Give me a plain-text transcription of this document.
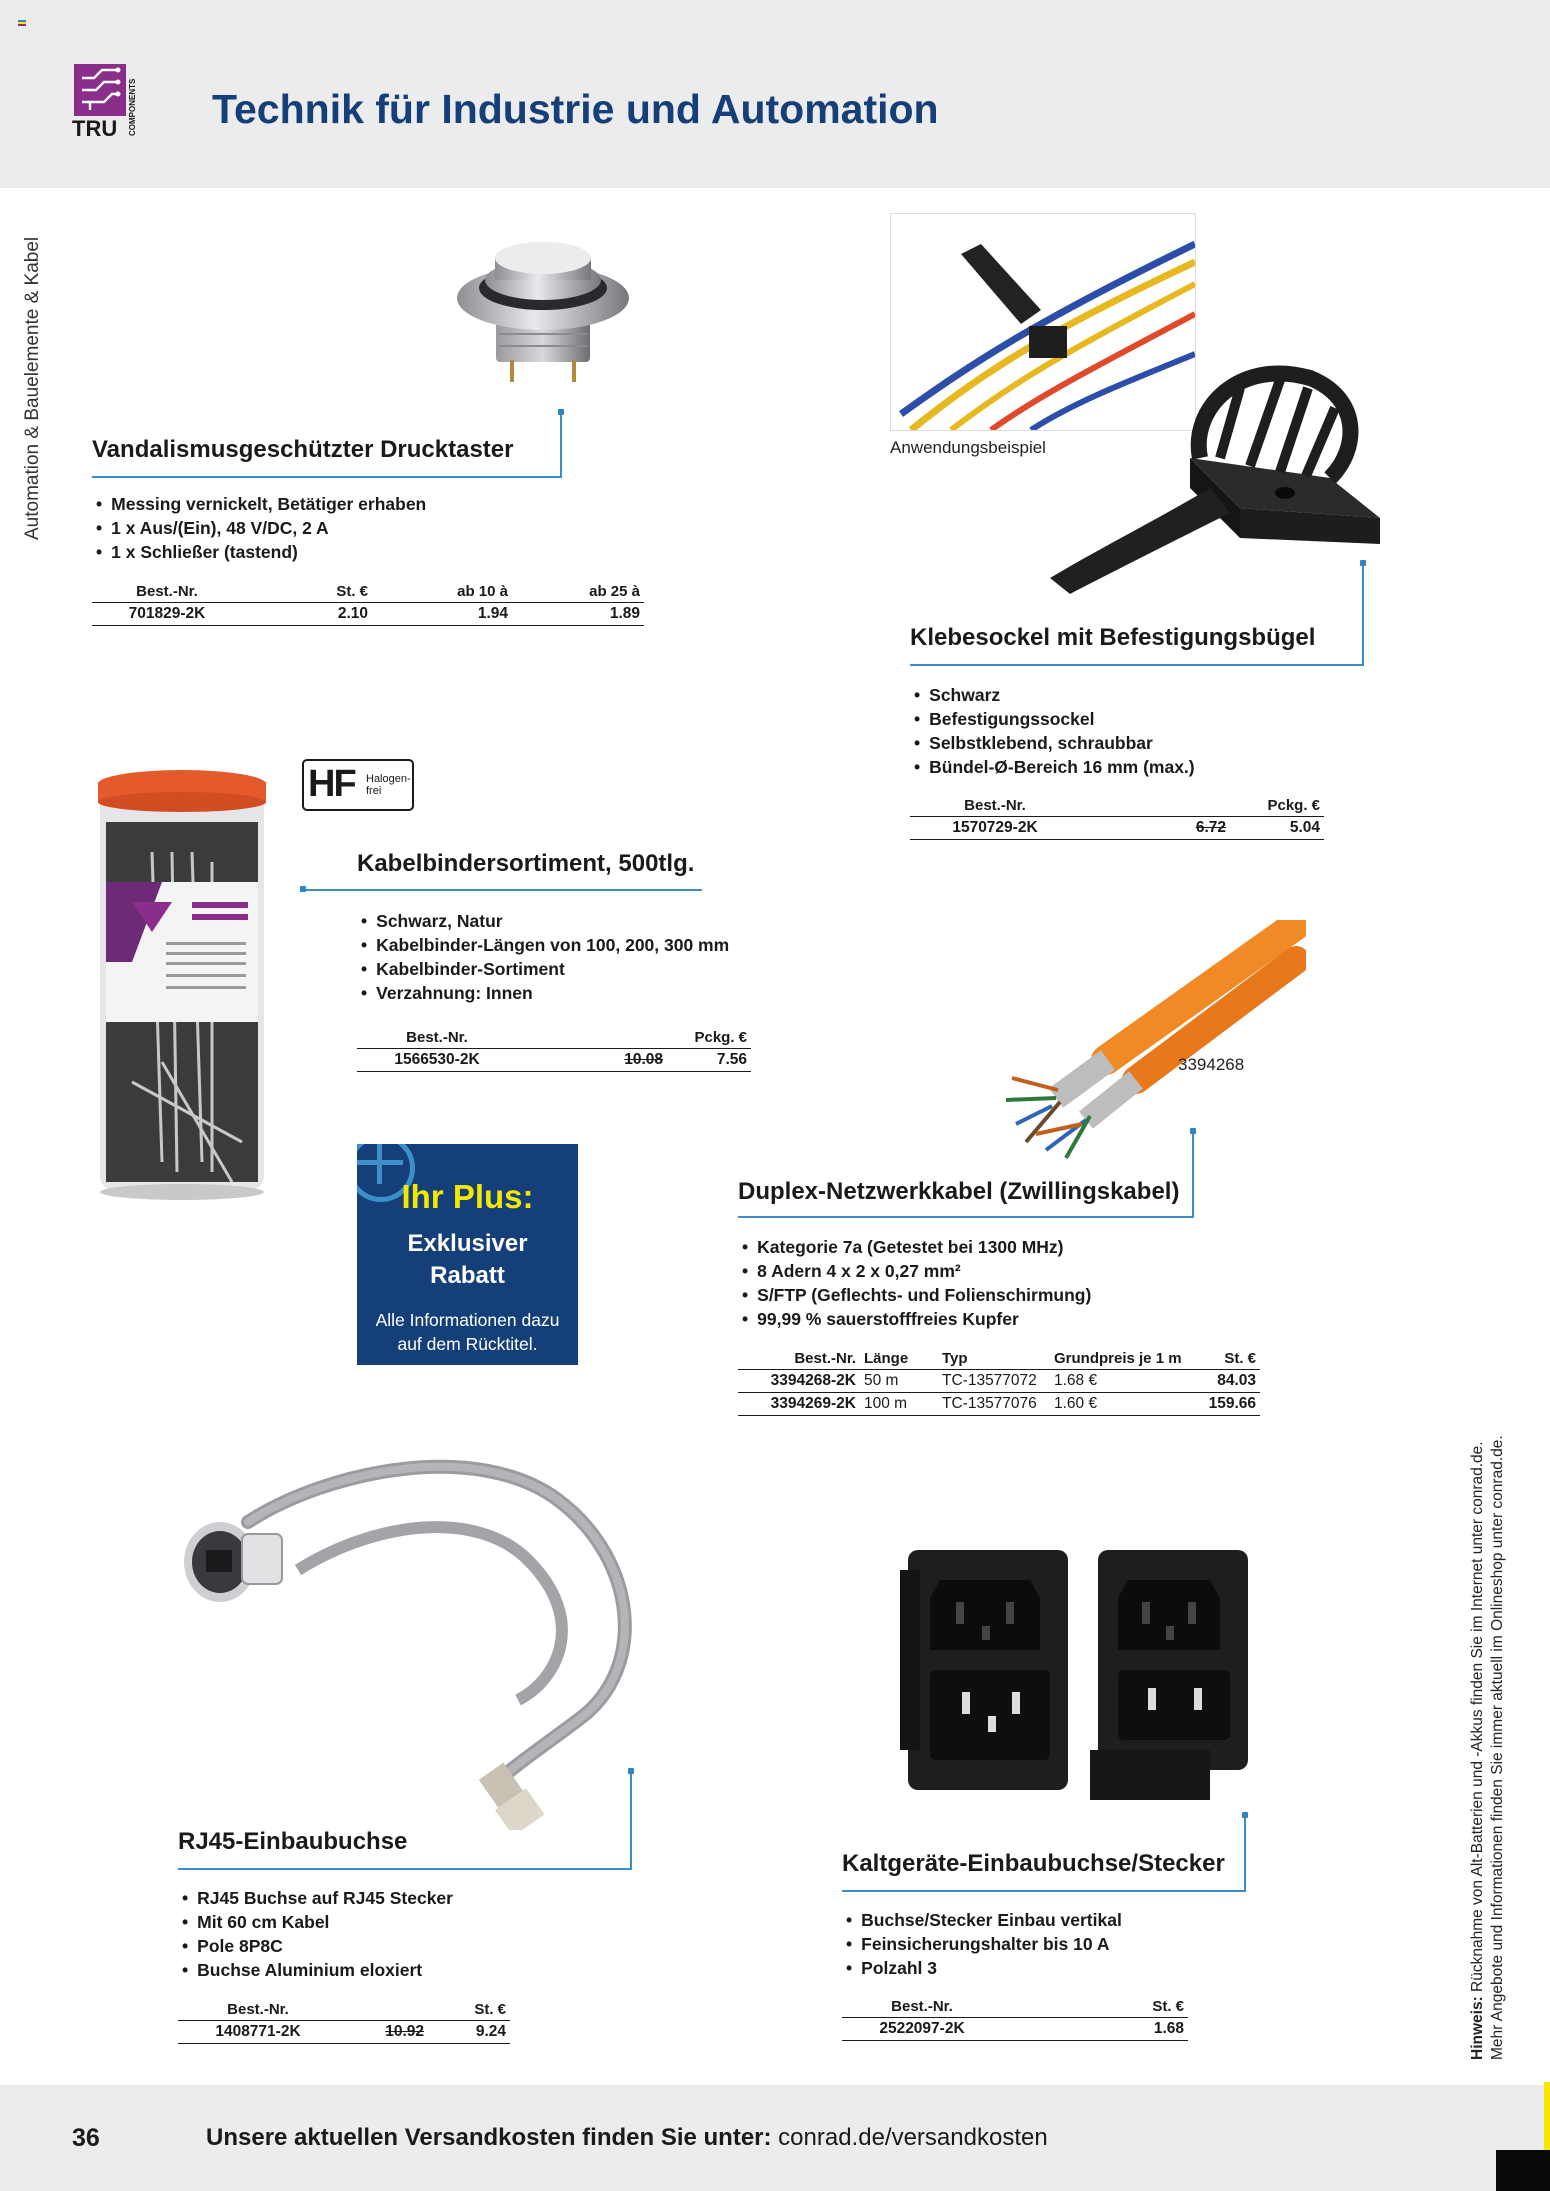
TRU COMPONENTS Technik für Industrie und Automation
Automation & Bauelemente & Kabel Vandalismusgeschützter Drucktaster
• Messing vernickelt, Betätiger erhaben
• 1 x Aus/(Ein), 48 V/DC, 2 A
• 1 x Schließer (tastend)
Best.-Nr.	St. €	ab 10 à	ab 25 à
701829-2K	2.10	1.94	1.89
Anwendungsbeispiel
Klebesockel mit Befestigungsbügel
• Schwarz
• Befestigungssockel
• Selbstklebend, schraubbar
• Bündel-Ø-Bereich 16 mm (max.)
Best.-Nr.		Pckg. €
1570729-2K	6.72	5.04
HF Halogen-
frei
Kabelbindersortiment, 500tlg.
• Schwarz, Natur
• Kabelbinder-Längen von 100, 200, 300 mm
• Kabelbinder-Sortiment
• Verzahnung: Innen
Best.-Nr.		Pckg. €
1566530-2K	10.08	7.56
Ihr Plus:
Exklusiver
Rabatt
Alle Informationen dazu
auf dem Rücktitel.
3394268
Duplex-Netzwerkkabel (Zwillingskabel)
• Kategorie 7a (Getestet bei 1300 MHz)
• 8 Adern 4 x 2 x 0,27 mm²
• S/FTP (Geflechts- und Folienschirmung)
• 99,99 % sauerstofffreies Kupfer
Best.-Nr.	Länge	Typ	Grundpreis je 1 m	St. €
3394268-2K	50 m	TC-13577072	1.68 €	84.03
3394269-2K	100 m	TC-13577076	1.60 €	159.66
RJ45-Einbaubuchse
• RJ45 Buchse auf RJ45 Stecker
• Mit 60 cm Kabel
• Pole 8P8C
• Buchse Aluminium eloxiert
Best.-Nr.		St. €
1408771-2K	10.92	9.24
Kaltgeräte-Einbaubuchse/Stecker
• Buchse/Stecker Einbau vertikal
• Feinsicherungshalter bis 10 A
• Polzahl 3
Best.-Nr.		St. €
2522097-2K		1.68	Hinweis: Rücknahme von Alt-Batterien und -Akkus finden Sie im Internet unter conrad.de. Mehr Angebote und Informationen finden Sie immer aktuell im Onlineshop unter conrad.de.
36	Unsere aktuellen Versandkosten finden Sie unter: conrad.de/versandkosten
